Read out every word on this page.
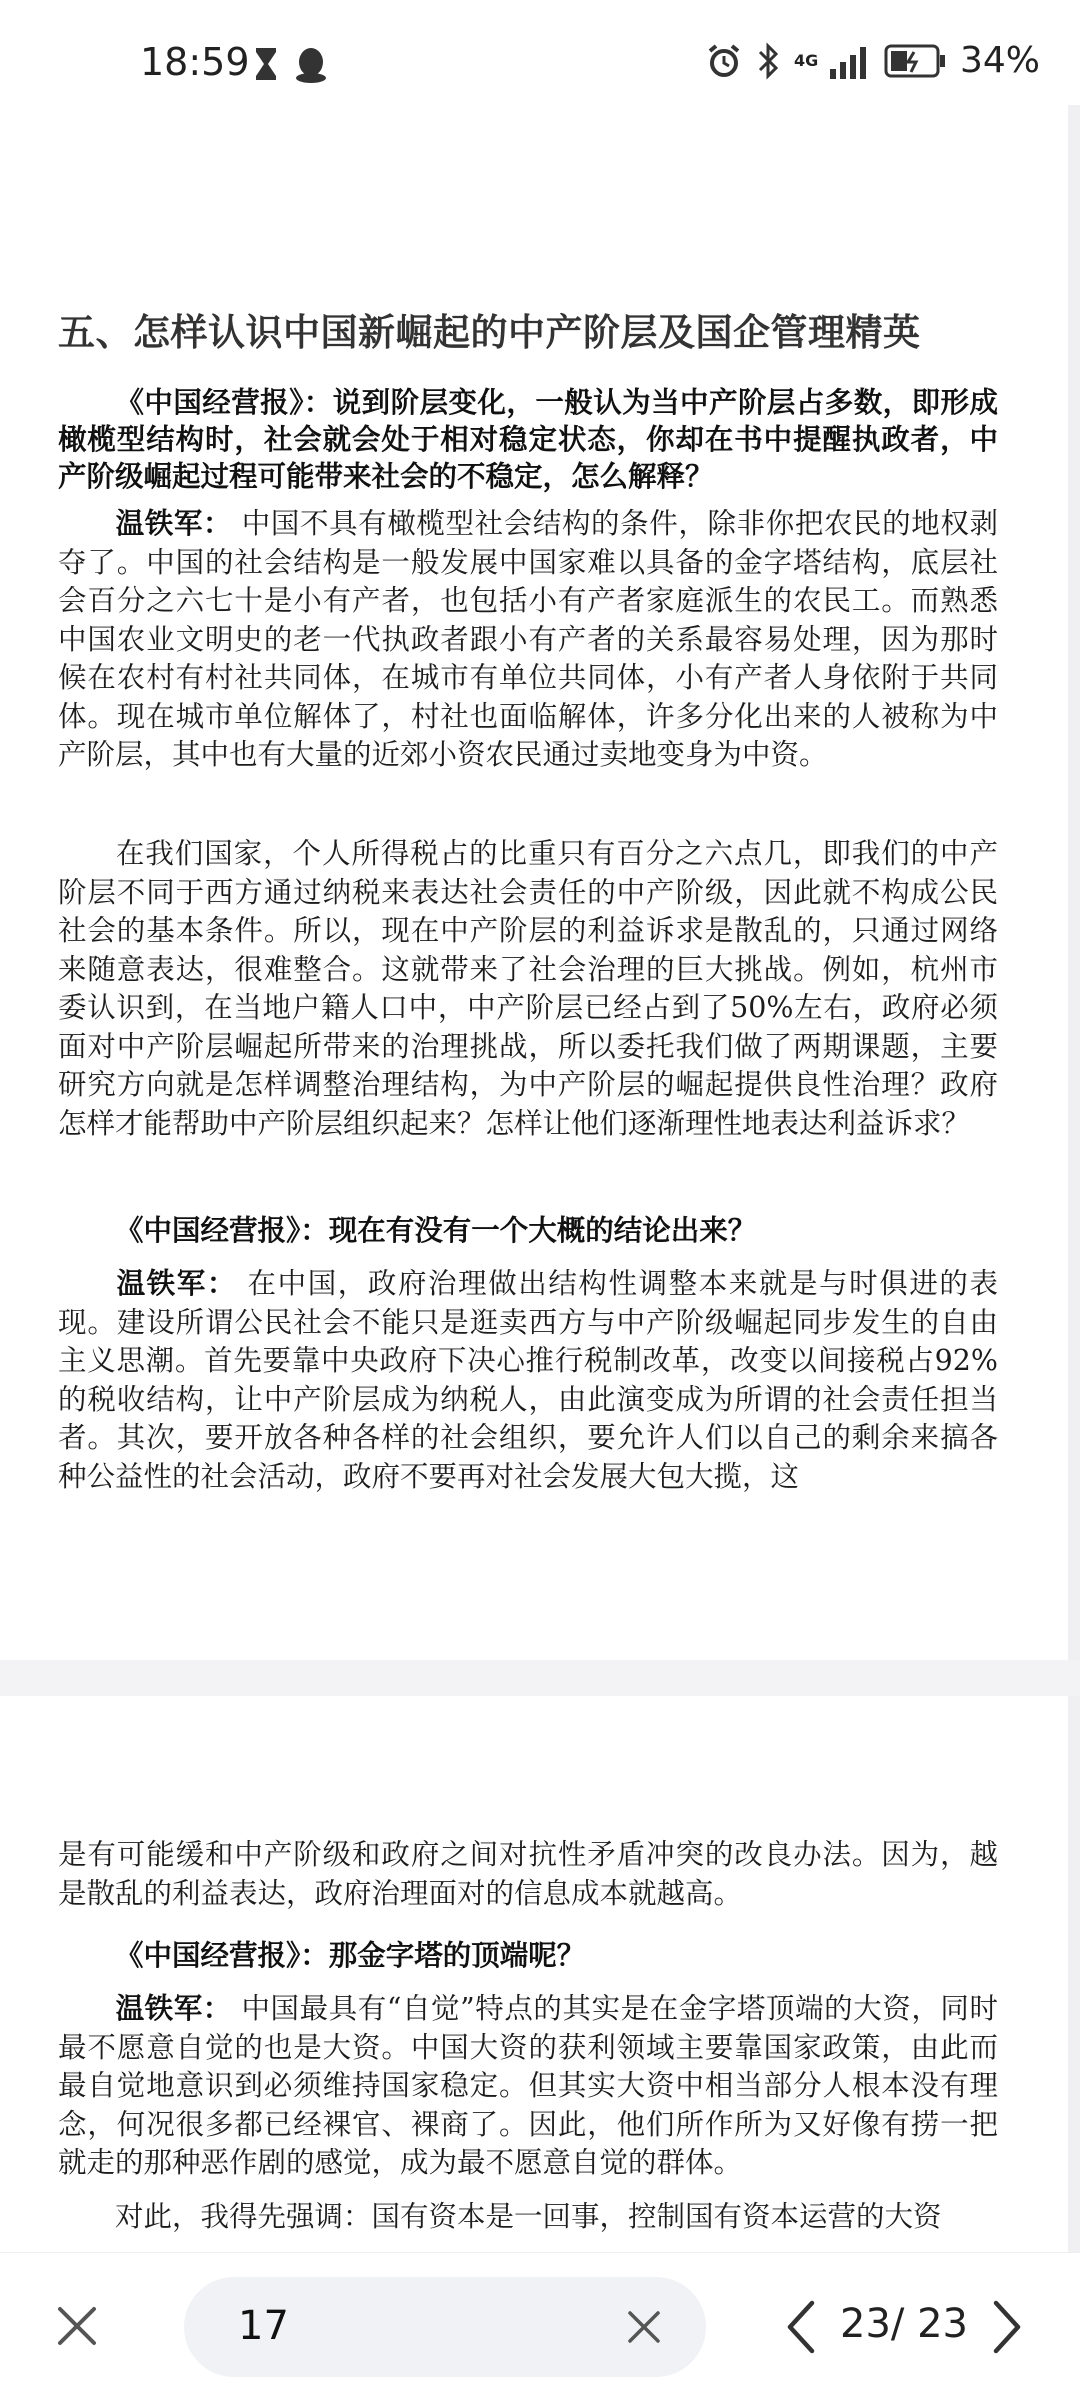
18:59	4G	34%
五、怎样认识中国新崛起的中产阶层及国企管理精英
《中国经营报》：说到阶层变化，一般认为当中产阶层占多数，即形成橄榄型结构时，社会就会处于相对稳定状态，你却在书中提醒执政者，中产阶级崛起过程可能带来社会的不稳定，怎么解释？
温铁军： 中国不具有橄榄型社会结构的条件，除非你把农民的地权剥夺了。中国的社会结构是一般发展中国家难以具备的金字塔结构，底层社会百分之六七十是小有产者，也包括小有产者家庭派生的农民工。而熟悉中国农业文明史的老一代执政者跟小有产者的关系最容易处理，因为那时候在农村有村社共同体，在城市有单位共同体，小有产者人身依附于共同体。现在城市单位解体了，村社也面临解体，许多分化出来的人被称为中产阶层，其中也有大量的近郊小资农民通过卖地变身为中资。
在我们国家，个人所得税占的比重只有百分之六点几，即我们的中产阶层不同于西方通过纳税来表达社会责任的中产阶级，因此就不构成公民社会的基本条件。所以，现在中产阶层的利益诉求是散乱的，只通过网络来随意表达，很难整合。这就带来了社会治理的巨大挑战。例如，杭州市委认识到，在当地户籍人口中，中产阶层已经占到了50%左右，政府必须面对中产阶层崛起所带来的治理挑战，所以委托我们做了两期课题，主要研究方向就是怎样调整治理结构，为中产阶层的崛起提供良性治理？政府怎样才能帮助中产阶层组织起来？怎样让他们逐渐理性地表达利益诉求？
《中国经营报》：现在有没有一个大概的结论出来？
温铁军： 在中国，政府治理做出结构性调整本来就是与时俱进的表现。建设所谓公民社会不能只是逛卖西方与中产阶级崛起同步发生的自由主义思潮。首先要靠中央政府下决心推行税制改革，改变以间接税占92%的税收结构，让中产阶层成为纳税人，由此演变成为所谓的社会责任担当者。其次，要开放各种各样的社会组织，要允许人们以自己的剩余来搞各种公益性的社会活动，政府不要再对社会发展大包大揽，这
是有可能缓和中产阶级和政府之间对抗性矛盾冲突的改良办法。因为，越是散乱的利益表达，政府治理面对的信息成本就越高。
《中国经营报》：那金字塔的顶端呢？
温铁军： 中国最具有“自觉”特点的其实是在金字塔顶端的大资，同时最不愿意自觉的也是大资。中国大资的获利领域主要靠国家政策，由此而最自觉地意识到必须维持国家稳定。但其实大资中相当部分人根本没有理念，何况很多都已经裸官、裸商了。因此，他们所作所为又好像有捞一把就走的那种恶作剧的感觉，成为最不愿意自觉的群体。
对此，我得先强调：国有资本是一回事，控制国有资本运营的大资
17	23/ 23
